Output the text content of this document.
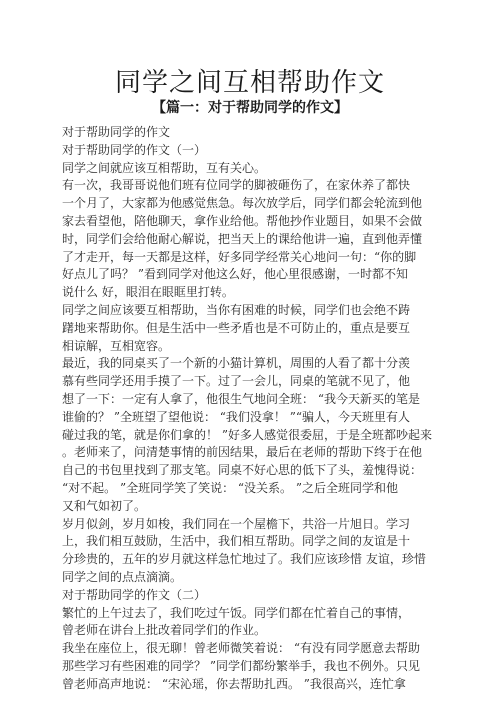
同学之间互相帮助作文
【篇一：对于帮助同学的作文】
对于帮助同学的作文
对于帮助同学的作文（一）
同学之间就应该互相帮助，互有关心。
有一次，我哥哥说他们班有位同学的脚被砸伤了，在家休养了都快
一个月了，大家都为他感觉焦急。每次放学后，同学们都会轮流到他
家去看望他，陪他聊天，拿作业给他。帮他抄作业题目，如果不会做
时，同学们会给他耐心解说，把当天上的课给他讲一遍，直到他弄懂
了才走开，每一天都是这样，好多同学经常关心地问一句：“你的脚
好点儿了吗？ ”看到同学对他这么好，他心里很感谢，一时都不知
说什么 好，眼泪在眼眶里打转。
同学之间应该要互相帮助，当你有困难的时候，同学们也会绝不踌
躇地来帮助你。但是生活中一些矛盾也是不可防止的，重点是要互
相谅解，互相宽容。
最近，我的同桌买了一个新的小猫计算机，周围的人看了都十分羡
慕有些同学还用手摸了一下。过了一会儿，同桌的笔就不见了，他
想了一下：一定有人拿了，他很生气地问全班： “我今天新买的笔是
谁偷的？ ”全班望了望他说： “我们没拿！ ”“骗人，今天班里有人
碰过我的笔，就是你们拿的！ ”好多人感觉很委屈，于是全班都吵起来
。老师来了，问清楚事情的前因结果，最后在老师的帮助下终于在他
自己的书包里找到了那支笔。同桌不好心思的低下了头，羞愧得说：
“对不起。 ”全班同学笑了笑说： “没关系。 ”之后全班同学和他
又和气如初了。
岁月似剑，岁月如梭，我们同在一个屋檐下，共浴一片旭日。学习
上，我们相互鼓励，生活中，我们相互帮助。同学之间的友谊是十
分珍贵的，五年的岁月就这样急忙地过了。我们应该珍惜 友谊，珍惜
同学之间的点点滴滴。
对于帮助同学的作文（二）
繁忙的上午过去了，我们吃过午饭。同学们都在忙着自己的事情，
曾老师在讲台上批改着同学们的作业。
我坐在座位上，很无聊！曾老师微笑着说： “有没有同学愿意去帮助
那些学习有些困难的同学？ ”同学们都纷繁举手，我也不例外。只见
曾老师高声地说： “宋沁瑶，你去帮助扎西。 ”我很高兴，连忙拿
